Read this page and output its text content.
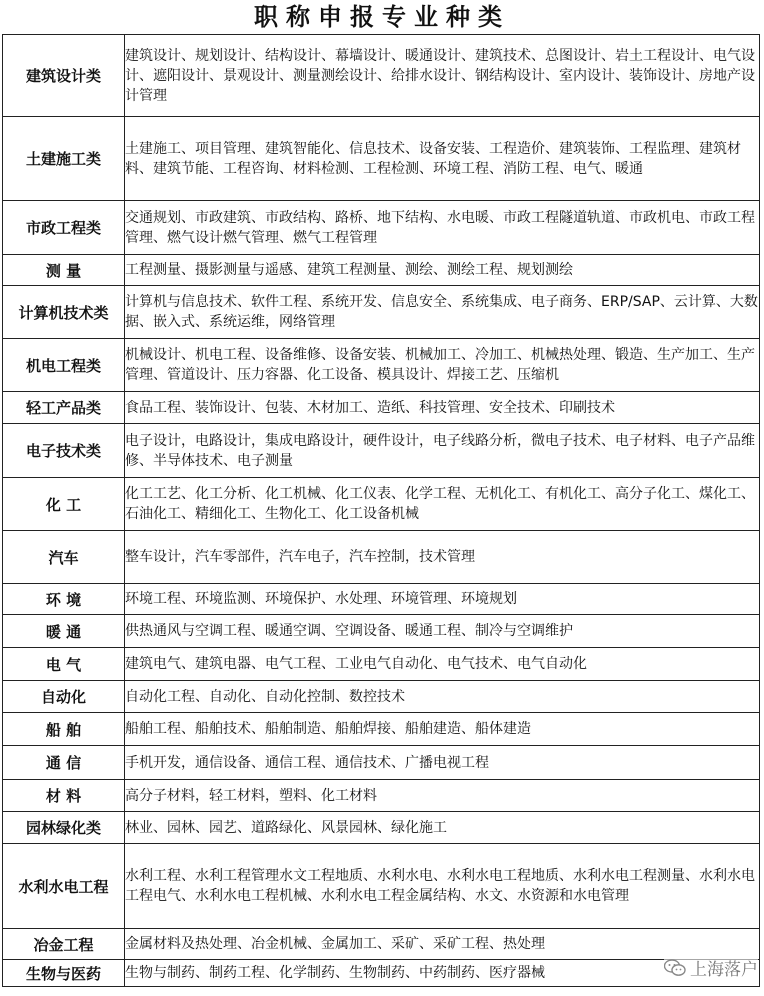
职称申报专业种类
建筑设计类	建筑设计、规划设计、结构设计、幕墙设计、暖通设计、建筑技术、总图设计、岩土工程设计、电气设计、遮阳设计、景观设计、测量测绘设计、给排水设计、钢结构设计、室内设计、装饰设计、房地产设计管理
土建施工类	土建施工、项目管理、建筑智能化、信息技术、设备安装、工程造价、建筑装饰、工程监理、建筑材料、建筑节能、工程咨询、材料检测、工程检测、环境工程、消防工程、电气、暖通
市政工程类	交通规划、市政建筑、市政结构、路桥、地下结构、水电暖、市政工程隧道轨道、市政机电、市政工程管理、燃气设计燃气管理、燃气工程管理
测 量	工程测量、摄影测量与遥感、建筑工程测量、测绘、测绘工程、规划测绘
计算机技术类	计算机与信息技术、软件工程、系统开发、信息安全、系统集成、电子商务、ERP/SAP、云计算、大数据、嵌入式、系统运维，网络管理
机电工程类	机械设计、机电工程、设备维修、设备安装、机械加工、冷加工、机械热处理、锻造、生产加工、生产管理、管道设计、压力容器、化工设备、模具设计、焊接工艺、压缩机
轻工产品类	食品工程、装饰设计、包装、木材加工、造纸、科技管理、安全技术、印刷技术
电子技术类	电子设计，电路设计，集成电路设计，硬件设计，电子线路分析，微电子技术、电子材料、电子产品维修、半导体技术、电子测量
化 工	化工工艺、化工分析、化工机械、化工仪表、化学工程、无机化工、有机化工、高分子化工、煤化工、石油化工、精细化工、生物化工、化工设备机械
汽车	整车设计，汽车零部件，汽车电子，汽车控制，技术管理
环 境	环境工程、环境监测、环境保护、水处理、环境管理、环境规划
暖 通	供热通风与空调工程、暖通空调、空调设备、暖通工程、制冷与空调维护
电 气	建筑电气、建筑电器、电气工程、工业电气自动化、电气技术、电气自动化
自动化	自动化工程、自动化、自动化控制、数控技术
船 舶	船舶工程、船舶技术、船舶制造、船舶焊接、船舶建造、船体建造
通 信	手机开发，通信设备、通信工程、通信技术、广播电视工程
材 料	高分子材料，轻工材料，塑料、化工材料
园林绿化类	林业、园林、园艺、道路绿化、风景园林、绿化施工
水利水电工程	水利工程、水利工程管理水文工程地质、水利水电、水利水电工程地质、水利水电工程测量、水利水电工程电气、水利水电工程机械、水利水电工程金属结构、水文、水资源和水电管理
冶金工程	金属材料及热处理、冶金机械、金属加工、采矿、采矿工程、热处理
生物与医药	生物与制药、制药工程、化学制药、生物制药、中药制药、医疗器械	上海落户
